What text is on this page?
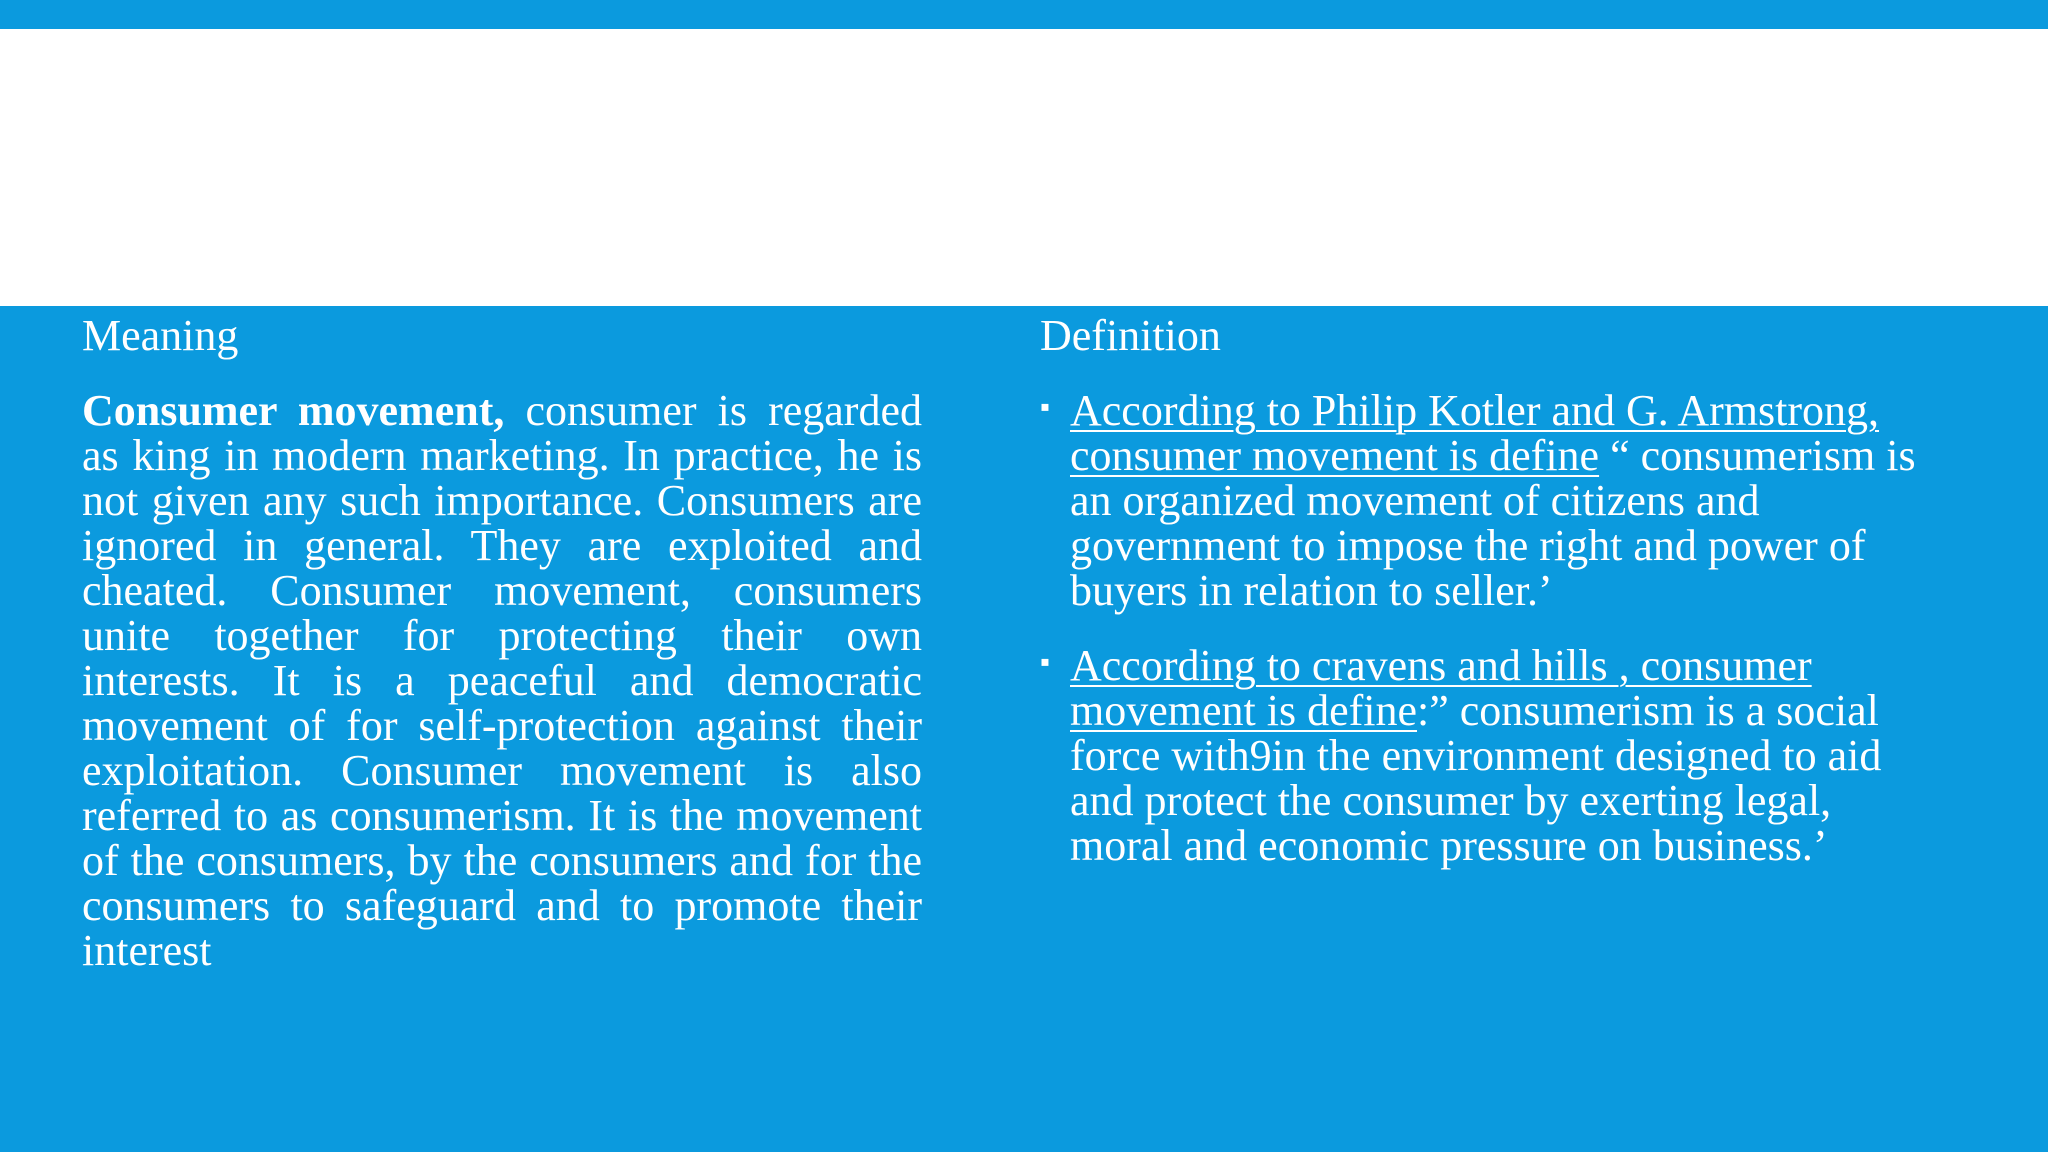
Meaning

Consumer movement, consumer is regarded as king in modern marketing. In practice, he is not given any such importance. Consumers are ignored in general. They are exploited and cheated. Consumer movement, consumers unite together for protecting their own interests. It is a peaceful and democratic movement of for self-protection against their exploitation. Consumer movement is also referred to as consumerism. It is the movement of the consumers, by the consumers and for the consumers to safeguard and to promote their interest

Definition
▪ According to Philip Kotler and G. Armstrong, consumer movement is define “ consumerism is an organized movement of citizens and government to impose the right and power of buyers in relation to seller.’
▪ According to cravens and hills , consumer movement is define:” consumerism is a social force with9in the environment designed to aid and protect the consumer by exerting legal, moral and economic pressure on business.’
